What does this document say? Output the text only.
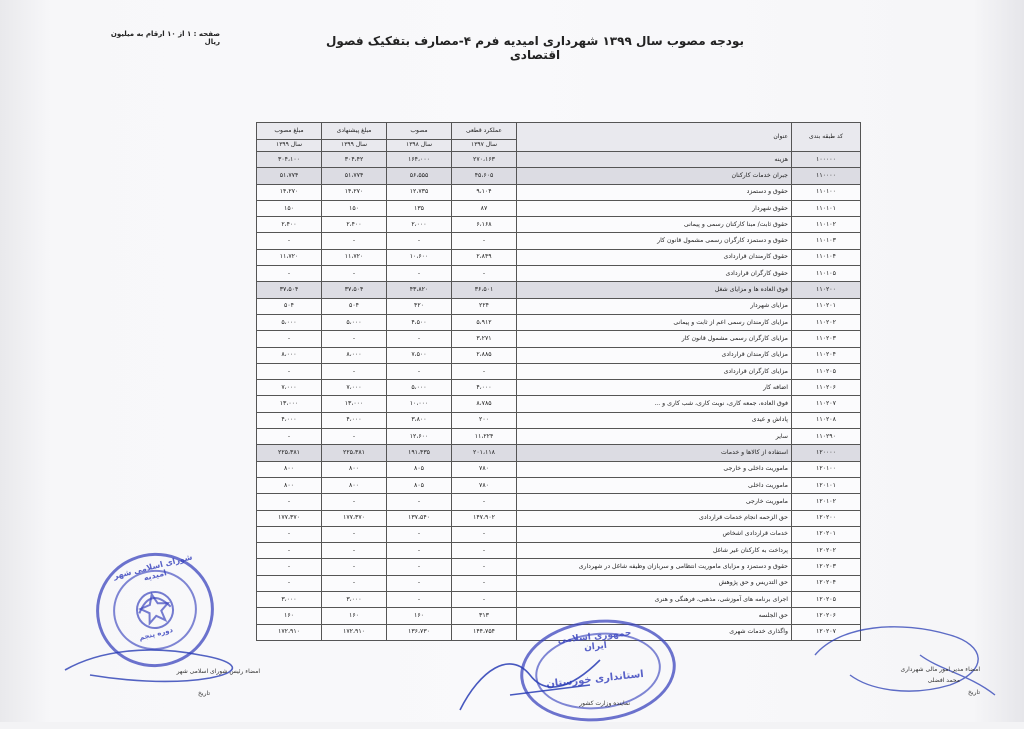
صفحه : ۱ از ۱۰ ارقام به میلیون ریال	بودجه مصوب سال ۱۳۹۹ شهرداری امیدیه فرم ۴-مصارف بتفکیک فصول اقتصادی
کد طبقه بندی	عنوان	عملکرد قطعی	مصوب	مبلغ پیشنهادی	مبلغ مصوب
		سال ۱۳۹۷	سال ۱۳۹۸	سال ۱۳۹۹	سال ۱۳۹۹
۱۰۰۰۰۰	هزینه	۲۷۰،۱۶۳	۱۶۴،۰۰۰	۳۰۴،۴۲	۳۰۴،۱۰۰
۱۱۰۰۰۰	جبران خدمات کارکنان	۴۵،۶۰۵	۵۶،۵۵۵	۵۱،۷۷۴	۵۱،۷۷۴
۱۱۰۱۰۰	حقوق و دستمزد	۹،۱۰۴	۱۲،۷۳۵	۱۴،۲۷۰	۱۴،۲۷۰
۱۱۰۱۰۱	حقوق شهردار	۸۷	۱۳۵	۱۵۰	۱۵۰
۱۱۰۱۰۲	حقوق ثابت/ مبنا کارکنان رسمی و پیمانی	۶،۱۶۸	۲،۰۰۰	۲،۴۰۰	۲،۴۰۰
۱۱۰۱۰۳	حقوق و دستمزد کارگران رسمی مشمول قانون کار	-	-	-	-
۱۱۰۱۰۴	حقوق کارمندان قراردادی	۲،۸۴۹	۱۰،۶۰۰	۱۱،۷۲۰	۱۱،۷۲۰
۱۱۰۱۰۵	حقوق کارگران قراردادی	-	-	-	-
۱۱۰۲۰۰	فوق العاده ها و مزایای شغل	۳۶،۵۰۱	۴۳،۸۲۰	۳۷،۵۰۴	۳۷،۵۰۴
۱۱۰۲۰۱	مزایای شهردار	۲۲۴	۴۲۰	۵۰۴	۵۰۴
۱۱۰۲۰۲	مزایای کارمندان رسمی اعم از ثابت و پیمانی	۵،۹۱۲	۴،۵۰۰	۵،۰۰۰	۵،۰۰۰
۱۱۰۲۰۳	مزایای کارگران رسمی مشمول قانون کار	۳،۲۷۱	-	-	-
۱۱۰۲۰۴	مزایای کارمندان قراردادی	۲،۸۸۵	۷،۵۰۰	۸،۰۰۰	۸،۰۰۰
۱۱۰۲۰۵	مزایای کارگران قراردادی	-	-	-	-
۱۱۰۲۰۶	اضافه کار	۴،۰۰۰	۵،۰۰۰	۷،۰۰۰	۷،۰۰۰
۱۱۰۲۰۷	فوق العاده، جمعه کاری، نوبت کاری، شب کاری و ...	۸،۷۸۵	۱۰،۰۰۰	۱۳،۰۰۰	۱۳،۰۰۰
۱۱۰۲۰۸	پاداش و عیدی	۲۰۰	۳،۸۰۰	۴،۰۰۰	۴،۰۰۰
۱۱۰۲۹۰	سایر	۱۱،۲۲۴	۱۲،۶۰۰	-	-
۱۲۰۰۰۰	استفاده از کالاها و خدمات	۲۰۱،۱۱۸	۱۹۱،۴۳۵	۲۲۵،۳۸۱	۲۲۵،۳۸۱
۱۲۰۱۰۰	ماموریت داخلی و خارجی	۷۸۰	۸۰۵	۸۰۰	۸۰۰
۱۲۰۱۰۱	ماموریت داخلی	۷۸۰	۸۰۵	۸۰۰	۸۰۰
۱۲۰۱۰۲	ماموریت خارجی	-	-	-	-
۱۲۰۲۰۰	حق الزحمه انجام خدمات قراردادی	۱۴۷،۹۰۲	۱۳۷،۵۴۰	۱۷۷،۳۷۰	۱۷۷،۳۷۰
۱۲۰۲۰۱	خدمات قراردادی اشخاص	-	-	-	-
۱۲۰۲۰۲	پرداخت به کارکنان غیر شاغل	-	-	-	-
۱۲۰۲۰۳	حقوق و دستمزد و مزایای ماموریت انتظامی و سربازان وظیفه شاغل در شهرداری	-	-	-	-
۱۲۰۲۰۴	حق التدریس و حق پژوهش	-	-	-	-
۱۲۰۲۰۵	اجرای برنامه های آموزشی، مذهبی، فرهنگی و هنری	-	-	۳،۰۰۰	۳،۰۰۰
۱۲۰۲۰۶	حق الجلسه	۳۱۳	۱۶۰	۱۶۰	۱۶۰
۱۲۰۲۰۷	واگذاری خدمات شهری	۱۴۴،۷۵۴	۱۳۶،۷۳۰	۱۷۲،۹۱۰	۱۷۲،۹۱۰
شورای اسلامی شهر امیدیه
دوره پنجم
امضاء رئیس شورای اسلامی شهر
تاریخ
جمهوری اسلامی ایران
استانداری خوزستان
نماینده وزارت کشور
امضاء مدیر امور مالی شهرداری
محمد افضلی
تاریخ
